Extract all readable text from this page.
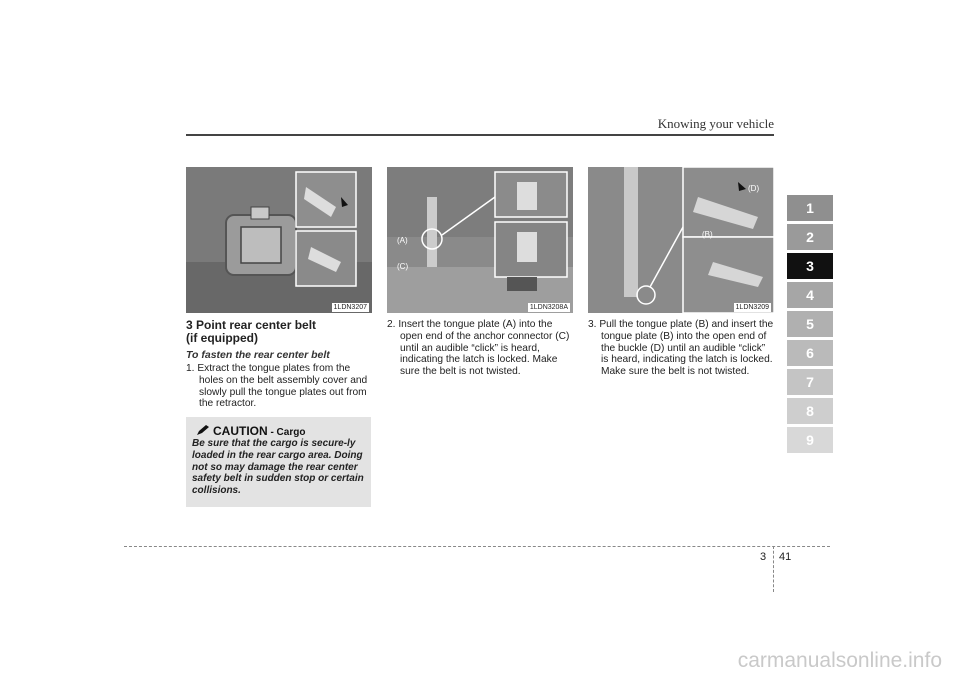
Knowing your vehicle
1
2
3
4
5
6
7
8
9
1LDN3207
(A)
(C)
1LDN3208A
(D)
(B)
1LDN3209
3 Point rear center belt
(if equipped)
To fasten the rear center belt

1. Extract the tongue plates from the holes on the belt assembly cover and slowly pull the tongue plates out from the retractor.

2. Insert the tongue plate (A) into the open end of the anchor connector (C) until an audible “click” is heard, indicating the latch is locked. Make sure the belt is not twisted.

3. Pull the tongue plate (B) and insert the tongue plate (B) into the open end of the buckle (D) until an audible “click” is heard, indicating the latch is locked. Make sure the belt is not twisted.

CAUTION - Cargo
Be sure that the cargo is secure-ly loaded in the rear cargo area. Doing not so may damage the rear center safety belt in sudden stop or certain collisions.
3 41
carmanualsonline.info
